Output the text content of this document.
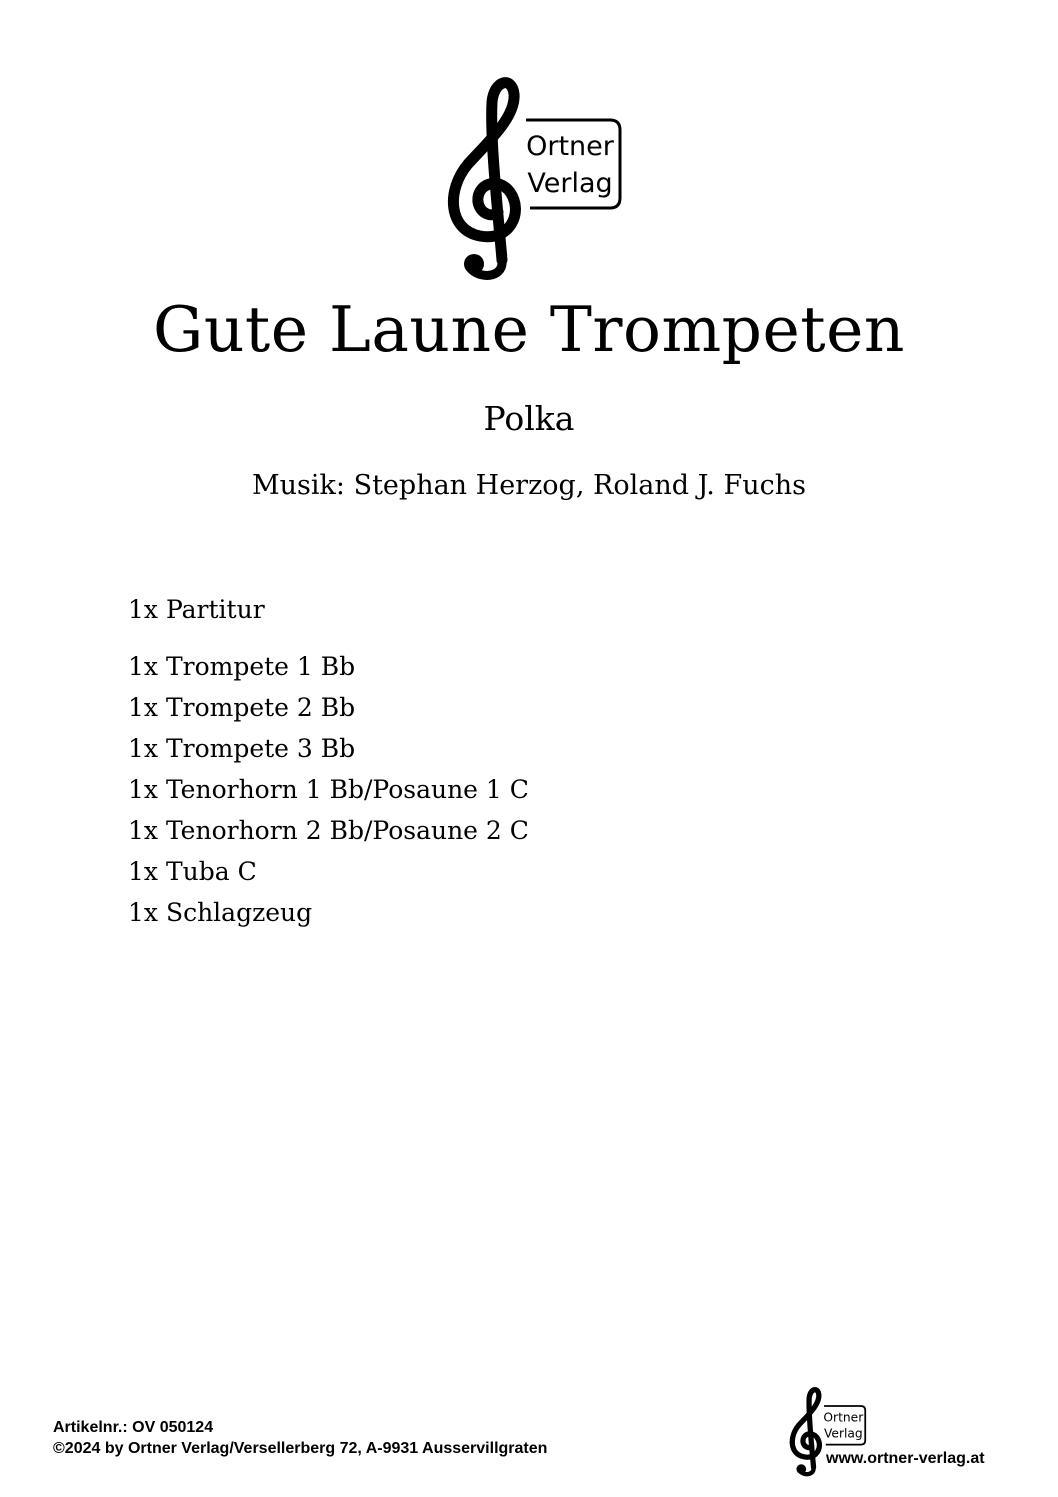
Ortner
Verlag
Gute Laune Trompeten
Polka
Musik: Stephan Herzog, Roland J. Fuchs
1x Partitur
1x Trompete 1 Bb
1x Trompete 2 Bb
1x Trompete 3 Bb
1x Tenorhorn 1 Bb/Posaune 1 C
1x Tenorhorn 2 Bb/Posaune 2 C
1x Tuba C
1x Schlagzeug
Artikelnr.: OV 050124
©2024 by Ortner Verlag/Versellerberg 72, A-9931 Ausservillgraten
Ortner
Verlag
www.ortner-verlag.at
